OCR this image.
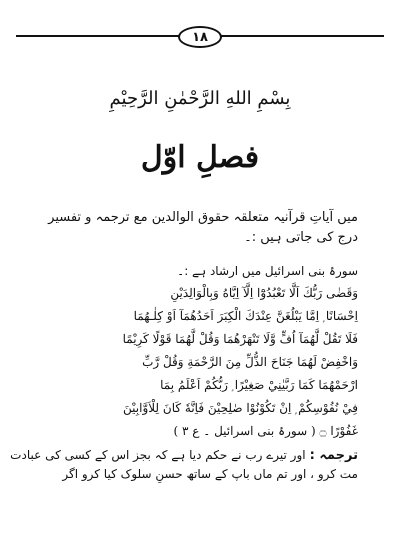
۱۸
بِسْمِ اللهِ الرَّحْمٰنِ الرَّحِيْمِ
فصلِ اوّل
میں آیاتِ قرآنیہ متعلقہ حقوق الوالدین مع ترجمہ و تفسیر
درج کی جاتی ہیں :۔
سورۂ بنی اسرائیل میں ارشاد ہے :۔
وَقَضٰى رَبُّكَ اَلَّا تَعْبُدُوْٓا اِلَّآ اِيَّاهُ وَبِالْوَالِدَيْنِ
اِحْسَانًا ۭ اِمَّا يَبْلُغَنَّ عِنْدَكَ الْكِبَرَ اَحَدُهُمَآ اَوْ كِلٰـهُمَا
فَلَا تَقُلْ لَّهُمَآ اُفٍّ وَّلَا تَنْهَرْهُمَا وَقُلْ لَّهُمَا قَوْلًا كَرِيْمًا
وَاخْفِضْ لَهُمَا جَنَاحَ الذُّلِّ مِنَ الرَّحْمَةِ وَقُلْ رَّبِّ
ارْحَمْهُمَا كَمَا رَبَّيٰنِيْ صَغِيْرًا ۭ رَبُّكُمْ اَعْلَمُ بِمَا
فِيْ نُفُوْسِكُمْ ۭ اِنْ تَكُوْنُوْا صٰلِحِيْنَ فَاِنَّهٗ كَانَ لِلْاَوَّابِيْنَ
غَفُوْرًا ۝ ( سورۂ بنی اسرائیل ۔ ع ۳ )
ترجمہ :اور تیرے رب نے حکم دیا ہے کہ بجز اس کے کسی کی عبادت
مت کرو ، اور تم ماں باپ کے ساتھ حسنِ سلوک کیا کرو اگر
